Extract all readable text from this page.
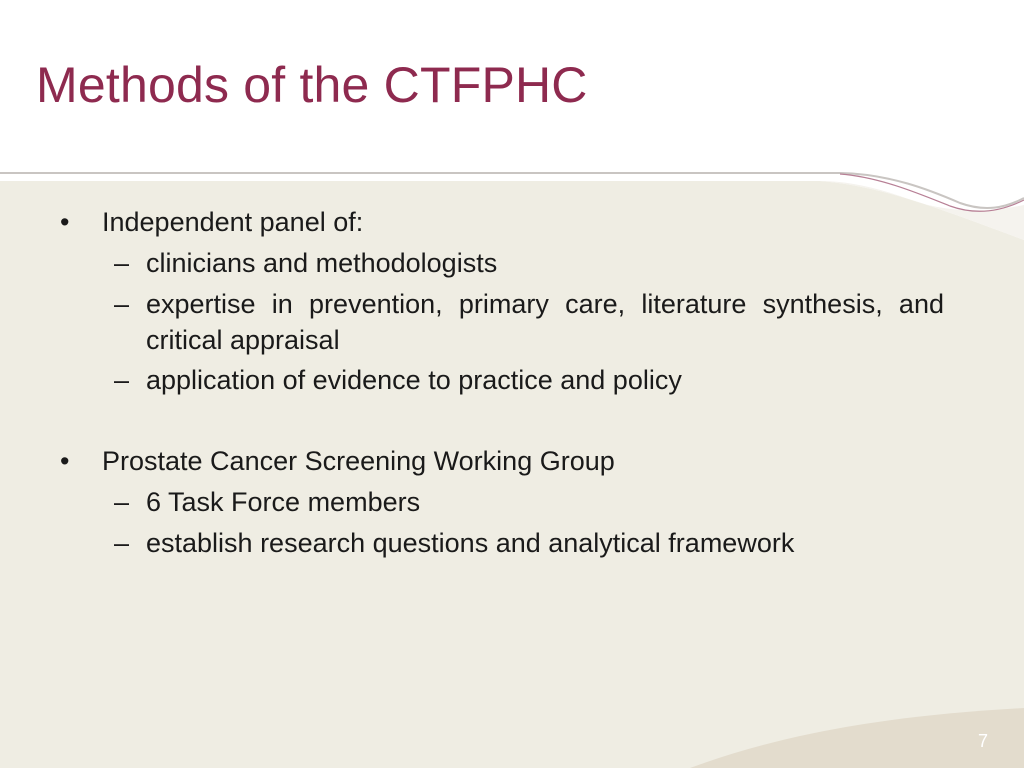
Methods of the CTFPHC
•	Independent panel of:
– clinicians and methodologists
– expertise in prevention, primary care, literature synthesis, and critical appraisal
– application of evidence to practice and policy
•	Prostate Cancer Screening Working Group
– 6 Task Force members
– establish research questions and analytical framework
7
